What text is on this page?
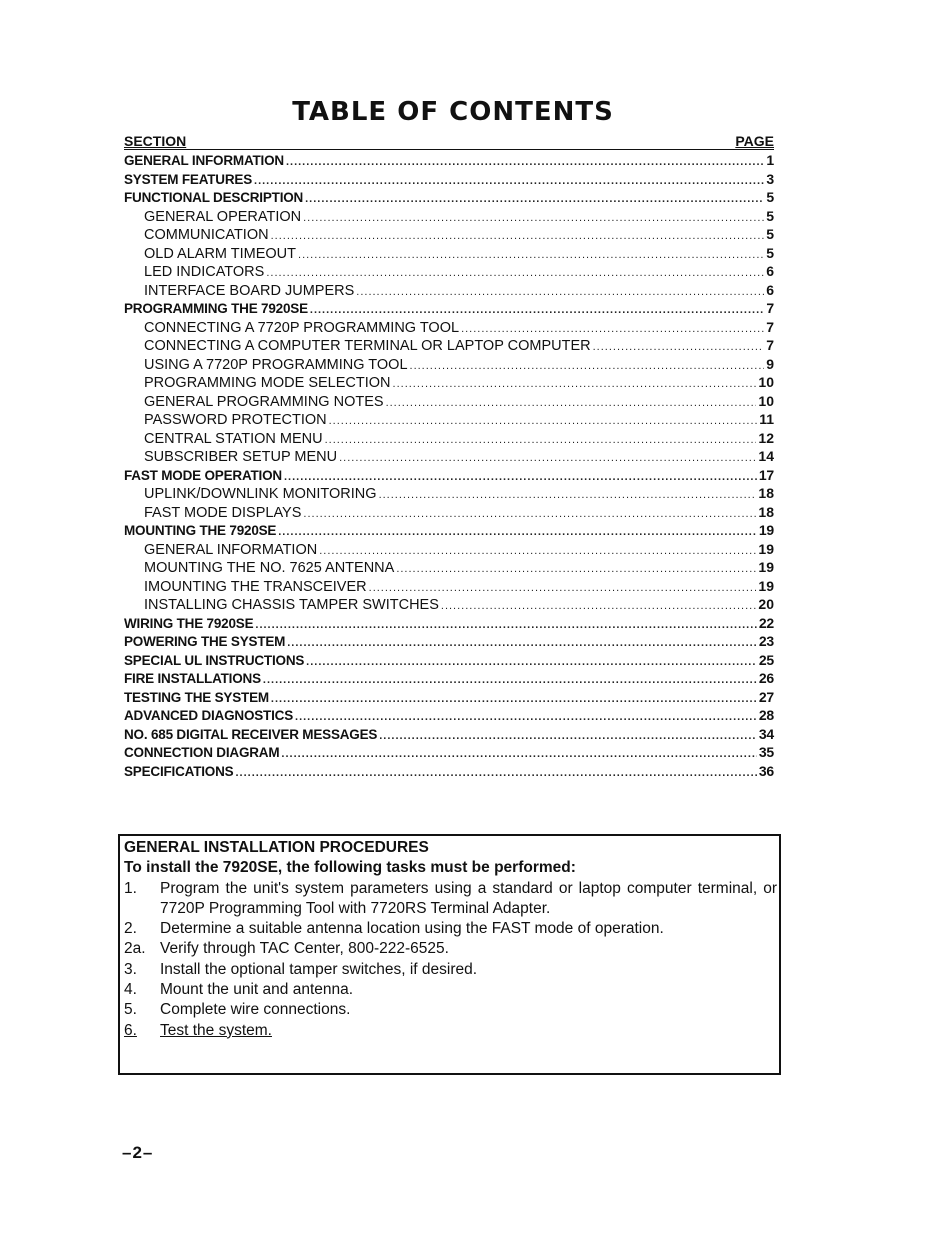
TABLE OF CONTENTS
SECTION	PAGE
GENERAL INFORMATION .....	1
SYSTEM FEATURES .....	3
FUNCTIONAL DESCRIPTION .....	5
GENERAL OPERATION .....	5
COMMUNICATION .....	5
OLD ALARM TIMEOUT .....	5
LED INDICATORS .....	6
INTERFACE BOARD JUMPERS .....	6
PROGRAMMING THE 7920SE .....	7
CONNECTING A 7720P PROGRAMMING TOOL .....	7
CONNECTING A COMPUTER TERMINAL OR LAPTOP COMPUTER .....	7
USING A 7720P PROGRAMMING TOOL .....	9
PROGRAMMING MODE SELECTION .....	10
GENERAL PROGRAMMING NOTES .....	10
PASSWORD PROTECTION .....	11
CENTRAL STATION MENU .....	12
SUBSCRIBER SETUP MENU .....	14
FAST MODE OPERATION .....	17
UPLINK/DOWNLINK MONITORING .....	18
FAST MODE DISPLAYS .....	18
MOUNTING THE 7920SE .....	19
GENERAL INFORMATION .....	19
MOUNTING THE NO. 7625 ANTENNA .....	19
IMOUNTING THE TRANSCEIVER .....	19
INSTALLING CHASSIS TAMPER SWITCHES .....	20
WIRING THE 7920SE .....	22
POWERING THE SYSTEM .....	23
SPECIAL UL INSTRUCTIONS .....	25
FIRE INSTALLATIONS .....	26
TESTING THE SYSTEM .....	27
ADVANCED DIAGNOSTICS .....	28
NO. 685 DIGITAL RECEIVER MESSAGES .....	34
CONNECTION DIAGRAM .....	35
SPECIFICATIONS .....	36
GENERAL INSTALLATION PROCEDURES
To install the 7920SE, the following tasks must be performed:
1.	Program the unit's system parameters using a standard or laptop computer terminal, or 7720P Programming Tool with 7720RS Terminal Adapter.
2.	Determine a suitable antenna location using the FAST mode of operation.
2a. Verify through TAC Center, 800-222-6525.
3.	Install the optional tamper switches, if desired.
4.	Mount the unit and antenna.
5.	Complete wire connections.
6.	Test the system.
–2–
